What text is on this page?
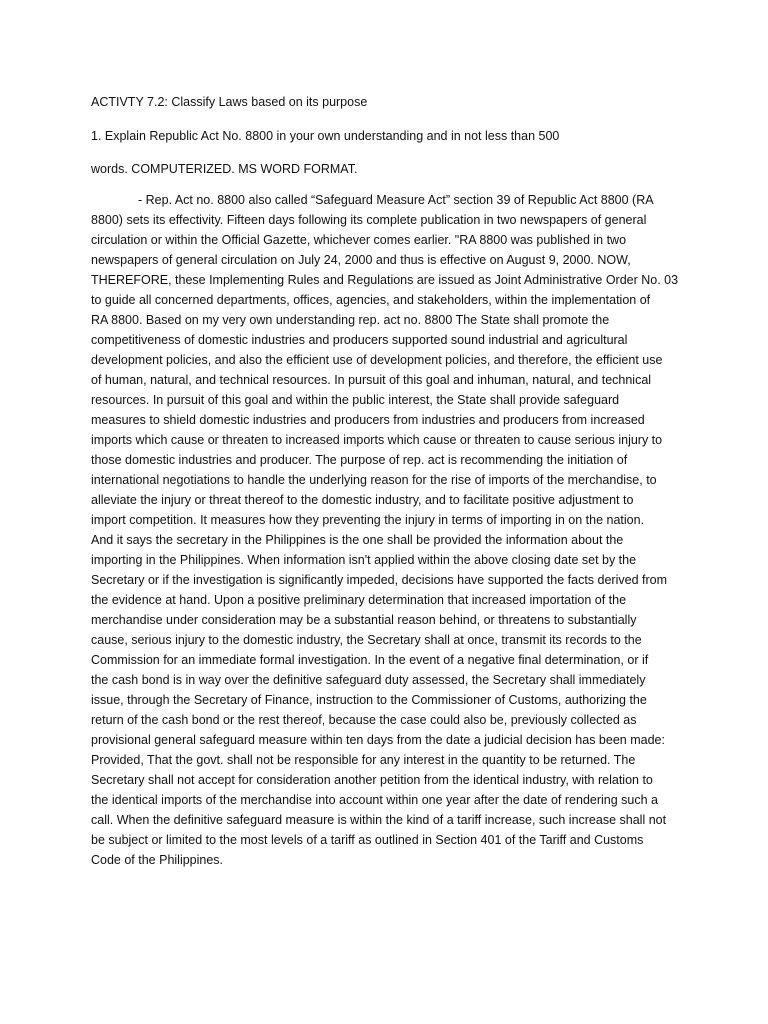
ACTIVTY 7.2: Classify Laws based on its purpose
1. Explain Republic Act No. 8800 in your own understanding and in not less than 500
words. COMPUTERIZED. MS WORD FORMAT.
- Rep. Act no. 8800 also called “Safeguard Measure Act” section 39 of Republic Act 8800 (RA
8800) sets its effectivity. Fifteen days following its complete publication in two newspapers of general
circulation or within the Official Gazette, whichever comes earlier. "RA 8800 was published in two
newspapers of general circulation on July 24, 2000 and thus is effective on August 9, 2000. NOW,
THEREFORE, these Implementing Rules and Regulations are issued as Joint Administrative Order No. 03
to guide all concerned departments, offices, agencies, and stakeholders, within the implementation of
RA 8800. Based on my very own understanding rep. act no. 8800 The State shall promote the
competitiveness of domestic industries and producers supported sound industrial and agricultural
development policies, and also the efficient use of development policies, and therefore, the efficient use
of human, natural, and technical resources. In pursuit of this goal and inhuman, natural, and technical
resources. In pursuit of this goal and within the public interest, the State shall provide safeguard
measures to shield domestic industries and producers from industries and producers from increased
imports which cause or threaten to increased imports which cause or threaten to cause serious injury to
those domestic industries and producer. The purpose of rep. act is recommending the initiation of
international negotiations to handle the underlying reason for the rise of imports of the merchandise, to
alleviate the injury or threat thereof to the domestic industry, and to facilitate positive adjustment to
import competition. It measures how they preventing the injury in terms of importing in on the nation.
And it says the secretary in the Philippines is the one shall be provided the information about the
importing in the Philippines. When information isn't applied within the above closing date set by the
Secretary or if the investigation is significantly impeded, decisions have supported the facts derived from
the evidence at hand. Upon a positive preliminary determination that increased importation of the
merchandise under consideration may be a substantial reason behind, or threatens to substantially
cause, serious injury to the domestic industry, the Secretary shall at once, transmit its records to the
Commission for an immediate formal investigation. In the event of a negative final determination, or if
the cash bond is in way over the definitive safeguard duty assessed, the Secretary shall immediately
issue, through the Secretary of Finance, instruction to the Commissioner of Customs, authorizing the
return of the cash bond or the rest thereof, because the case could also be, previously collected as
provisional general safeguard measure within ten days from the date a judicial decision has been made:
Provided, That the govt. shall not be responsible for any interest in the quantity to be returned. The
Secretary shall not accept for consideration another petition from the identical industry, with relation to
the identical imports of the merchandise into account within one year after the date of rendering such a
call. When the definitive safeguard measure is within the kind of a tariff increase, such increase shall not
be subject or limited to the most levels of a tariff as outlined in Section 401 of the Tariff and Customs
Code of the Philippines.
